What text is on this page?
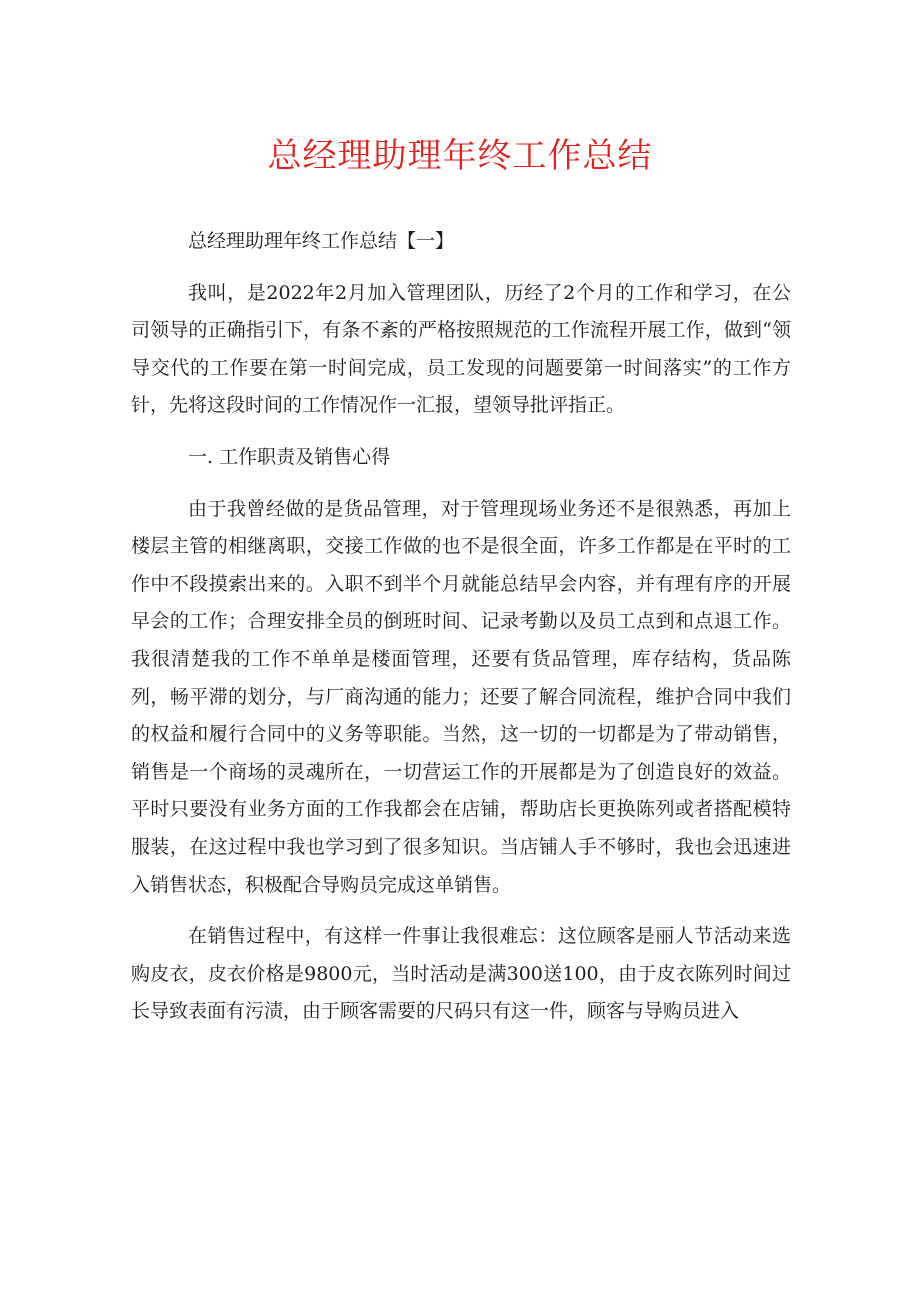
总经理助理年终工作总结

总经理助理年终工作总结【一】

我叫，是2022年2月加入管理团队，历经了2个月的工作和学习，在公司领导的正确指引下，有条不紊的严格按照规范的工作流程开展工作，做到“领导交代的工作要在第一时间完成，员工发现的问题要第一时间落实”的工作方针，先将这段时间的工作情况作一汇报，望领导批评指正。

一. 工作职责及销售心得

由于我曾经做的是货品管理，对于管理现场业务还不是很熟悉，再加上楼层主管的相继离职，交接工作做的也不是很全面，许多工作都是在平时的工作中不段摸索出来的。入职不到半个月就能总结早会内容，并有理有序的开展早会的工作；合理安排全员的倒班时间、记录考勤以及员工点到和点退工作。我很清楚我的工作不单单是楼面管理，还要有货品管理，库存结构，货品陈列，畅平滞的划分，与厂商沟通的能力；还要了解合同流程，维护合同中我们的权益和履行合同中的义务等职能。当然，这一切的一切都是为了带动销售，销售是一个商场的灵魂所在，一切营运工作的开展都是为了创造良好的效益。平时只要没有业务方面的工作我都会在店铺，帮助店长更换陈列或者搭配模特服装，在这过程中我也学习到了很多知识。当店铺人手不够时，我也会迅速进入销售状态，积极配合导购员完成这单销售。

在销售过程中，有这样一件事让我很难忘：这位顾客是丽人节活动来选购皮衣，皮衣价格是9800元，当时活动是满300送100，由于皮衣陈列时间过长导致表面有污渍，由于顾客需要的尺码只有这一件，顾客与导购员进入
